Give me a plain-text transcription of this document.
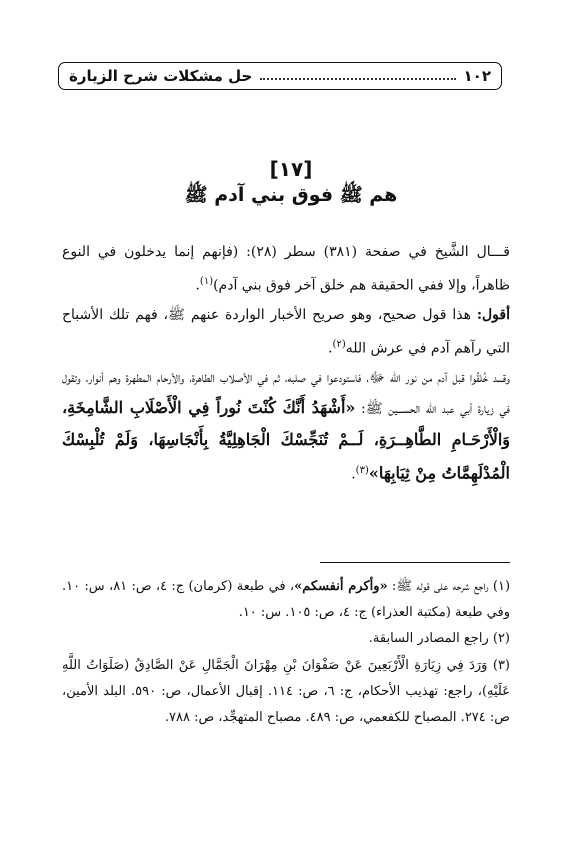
١٠٢
حل مشكلات شرح الزيارة
[١٧]
هم ﷺ فوق بني آدم ﷺ

قـــال الشَّيخ في صفحة (٣٨١) سطر (٢٨): (فإنهم إنما يدخلون في النوع ظاهراً، وإلا ففي الحقيقة هم خلق آخر فوق بني آدم)$^{(١)}$.

أقول: هذا قول صحيح، وهو صريح الأخبار الواردة عنهم ﷺ، فهم تلك الأشباح التي رآهم آدم في عرش الله$^{(٢)}$.

وقـــد خُلقُوا قبل آدم من نور الله ﷻ، فاستودعوا في صلبه، ثم في الأصلاب الطاهرة، والأرحام المطهرة وهم أنوار، وتقول في زيارة أبي عبد الله الحســـين ﷺ: «أَشْهَدُ أَنَّكَ كُنْتَ نُوراً فِي الْأَصْلَابِ الشَّامِخَةِ، وَالْأَرْحَـامِ الطَّاهِــرَةِ، لَــمْ تُنَجِّسْكَ الْجَاهِلِيَّةُ بِأَنْجَاسِهَا، وَلَمْ تُلْبِسْكَ الْمُدْلَهِمَّاتُ مِنْ ثِيَابِهَا»$^{(٣)}$.

(١) راجع شرحه على قوله ﷺ: «وأكرم أنفسكم»، في طبعة (كرمان) ج: ٤، ص: ٨١، س: ١٠. وفي طبعة (مكتبة العذراء) ج: ٤، ص: ١٠٥. س: ١٠.

(٢) راجع المصادر السابقة.

(٣) وَرَدَ فِي زِيَارَةِ الْأَرْبَعِينَ عَنْ صَفْوَانَ بْنِ مِهْرَانَ الْجَمَّالِ عَنْ الصَّادِقُ (صَلَوَاتُ اللَّهِ عَلَيْهِ)، راجع: تهذيب الأحكام، ج: ٦، ص: ١١٤. إقبال الأعمال، ص: ٥٩٠. البلد الأمين، ص: ٢٧٤. المصباح للكفعمي، ص: ٤٨٩. مصباح المتهجِّد، ص: ٧٨٨.
